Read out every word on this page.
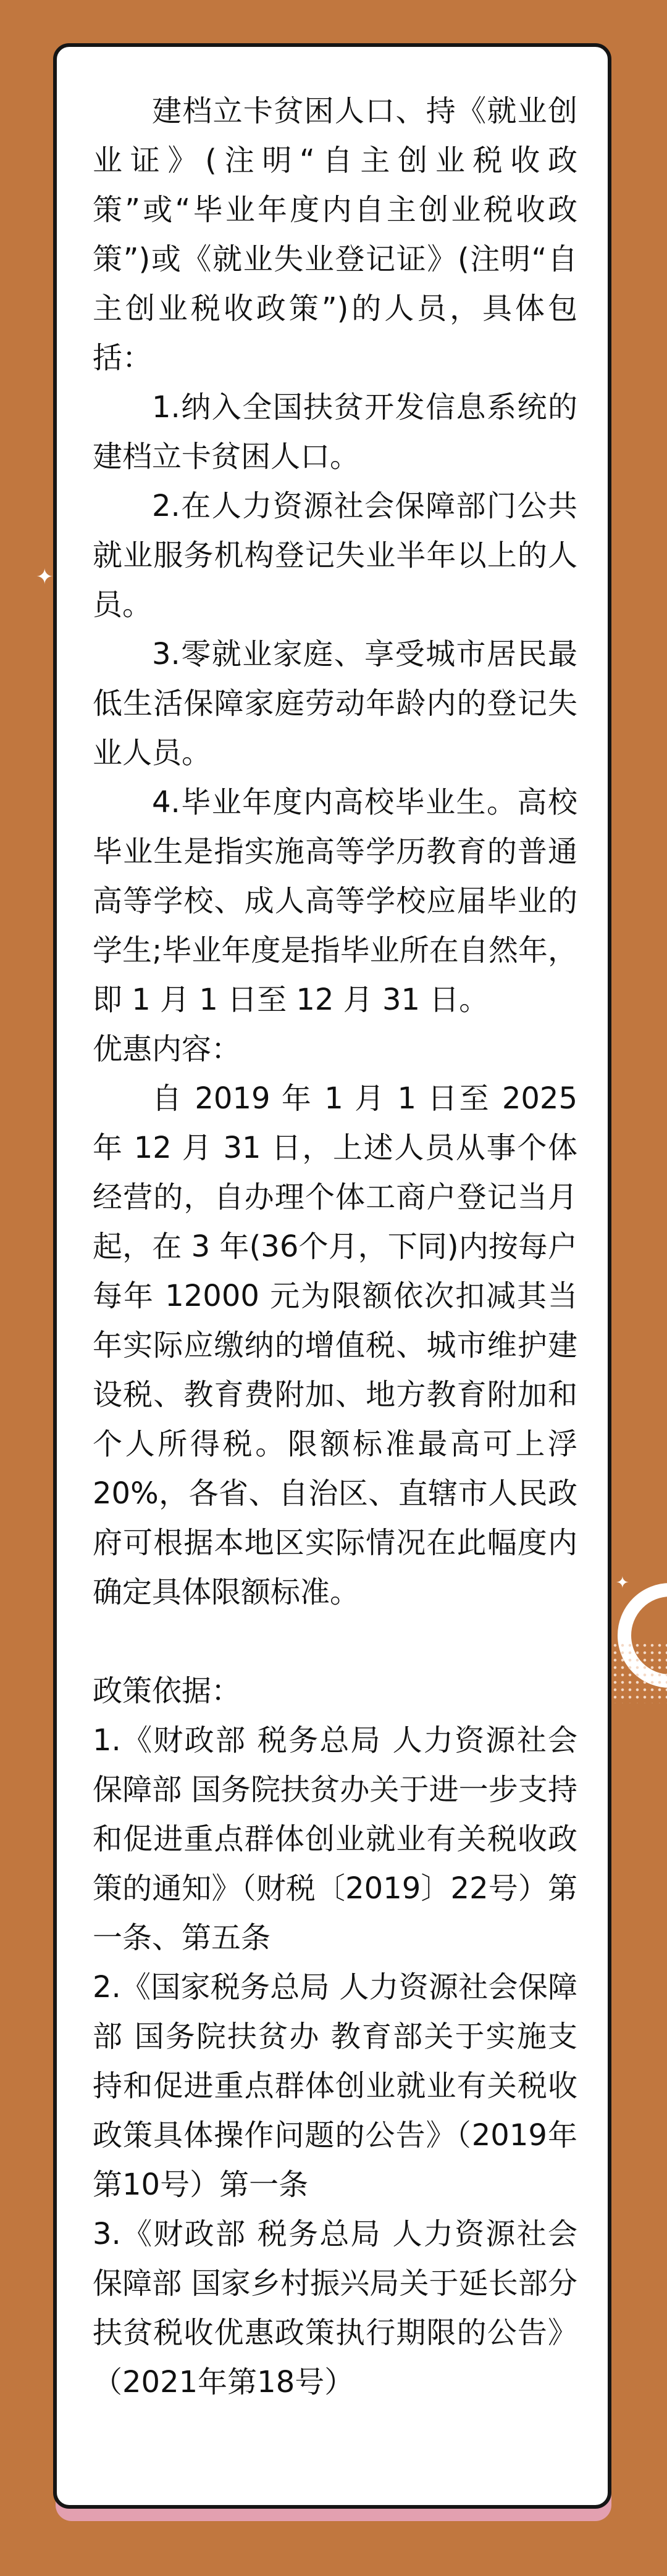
✦
✦

建档立卡贫困人口、持《就业创业证》(注明“自主创业税收政策”或“毕业年度内自主创业税收政策”)或《就业失业登记证》(注明“自主创业税收政策”)的人员，具体包括：

1.纳入全国扶贫开发信息系统的建档立卡贫困人口。

2.在人力资源社会保障部门公共就业服务机构登记失业半年以上的人员。

3.零就业家庭、享受城市居民最低生活保障家庭劳动年龄内的登记失业人员。

4.毕业年度内高校毕业生。高校毕业生是指实施高等学历教育的普通高等学校、成人高等学校应届毕业的学生;毕业年度是指毕业所在自然年，即 1 月 1 日至 12 月 31 日。

优惠内容：

自 2019 年 1 月 1 日至 2025 年 12 月 31 日，上述人员从事个体经营的，自办理个体工商户登记当月起，在 3 年(36个月，下同)内按每户每年 12000 元为限额依次扣减其当年实际应缴纳的增值税、城市维护建设税、教育费附加、地方教育附加和个人所得税。限额标准最高可上浮 20%，各省、自治区、直辖市人民政府可根据本地区实际情况在此幅度内确定具体限额标准。

政策依据：

1.《财政部 税务总局 人力资源社会保障部 国务院扶贫办关于进一步支持和促进重点群体创业就业有关税收政策的通知》（财税〔2019〕22号）第一条、第五条

2.《国家税务总局 人力资源社会保障部 国务院扶贫办 教育部关于实施支持和促进重点群体创业就业有关税收政策具体操作问题的公告》（2019年第10号）第一条

3.《财政部 税务总局 人力资源社会保障部 国家乡村振兴局关于延长部分扶贫税收优惠政策执行期限的公告》（2021年第18号）
